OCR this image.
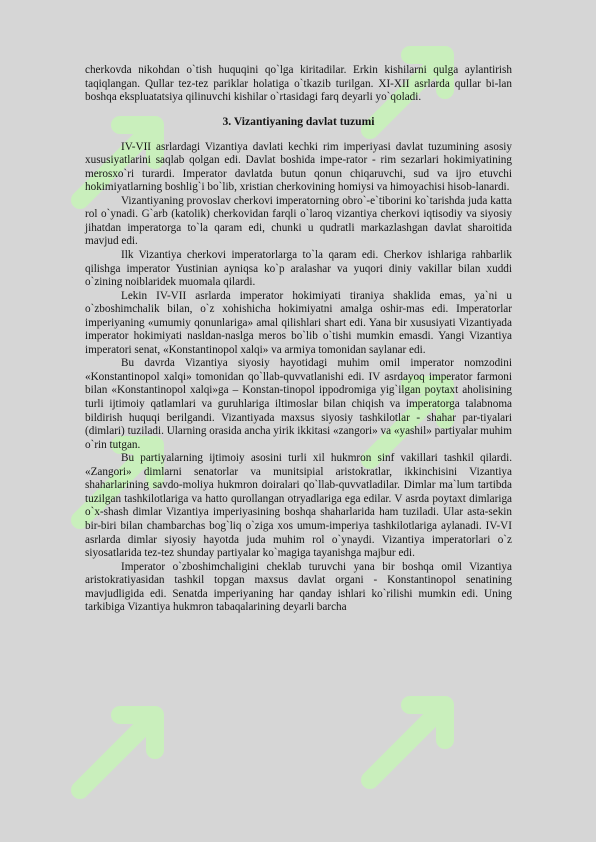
cherkovda nikohdan o`tish huquqini qo`lga kiritadilar. Erkin kishilarni qulga aylantirish taqiqlangan. Qullar tez-tez pariklar holatiga o`tkazib turilgan. XI-XII asrlarda qullar bi-lan boshqa ekspluatatsiya qilinuvchi kishilar o`rtasidagi farq deyarli yo`qoladi.

3. Vizantiyaning davlat tuzumi

IV-VII asrlardagi Vizantiya davlati kechki rim imperiyasi davlat tuzumining asosiy xususiyatlarini saqlab qolgan edi. Davlat boshida impe-rator - rim sezarlari hokimiyatining merosxo`ri turardi. Imperator davlatda butun qonun chiqaruvchi, sud va ijro etuvchi hokimiyatlarning boshlig`i bo`lib, xristian cherkovining homiysi va himoyachisi hisob-lanardi.

Vizantiyaning provoslav cherkovi imperatorning obro`-e`tiborini ko`tarishda juda katta rol o`ynadi. G`arb (katolik) cherkovidan farqli o`laroq vizantiya cherkovi iqtisodiy va siyosiy jihatdan imperatorga to`la qaram edi, chunki u qudratli markazlashgan davlat sharoitida mavjud edi.

Ilk Vizantiya cherkovi imperatorlarga to`la qaram edi. Cherkov ishlariga rahbarlik qilishga imperator Yustinian ayniqsa ko`p aralashar va yuqori diniy vakillar bilan xuddi o`zining noiblaridek muomala qilardi.

Lekin IV-VII asrlarda imperator hokimiyati tiraniya shaklida emas, ya`ni u o`zboshimchalik bilan, o`z xohishicha hokimiyatni amalga oshir-mas edi. Imperatorlar imperiyaning «umumiy qonunlariga» amal qilishlari shart edi. Yana bir xususiyati Vizantiyada imperator hokimiyati nasldan-naslga meros bo`lib o`tishi mumkin emasdi. Yangi Vizantiya imperatori senat, «Konstantinopol xalqi» va armiya tomonidan saylanar edi.

Bu davrda Vizantiya siyosiy hayotidagi muhim omil imperator nomzodini «Konstantinopol xalqi» tomonidan qo`llab-quvvatlanishi edi. IV asrdayoq imperator farmoni bilan «Konstantinopol xalqi»ga – Konstan-tinopol ippodromiga yig`ilgan poytaxt aholisining turli ijtimoiy qatlamlari va guruhlariga iltimoslar bilan chiqish va imperatorga talabnoma bildirish huquqi berilgandi. Vizantiyada maxsus siyosiy tashkilotlar - shahar par-tiyalari (dimlari) tuziladi. Ularning orasida ancha yirik ikkitasi «zangori» va «yashil» partiyalar muhim o`rin tutgan.

Bu partiyalarning ijtimoiy asosini turli xil hukmron sinf vakillari tashkil qilardi. «Zangori» dimlarni senatorlar va munitsipial aristokratlar, ikkinchisini Vizantiya shaharlarining savdo-moliya hukmron doiralari qo`llab-quvvatladilar. Dimlar ma`lum tartibda tuzilgan tashkilotlariga va hatto qurollangan otryadlariga ega edilar. V asrda poytaxt dimlariga o`x-shash dimlar Vizantiya imperiyasining boshqa shaharlarida ham tuziladi. Ular asta-sekin bir-biri bilan chambarchas bog`liq o`ziga xos umum-imperiya tashkilotlariga aylanadi. IV-VI asrlarda dimlar siyosiy hayotda juda muhim rol o`ynaydi. Vizantiya imperatorlari o`z siyosatlarida tez-tez shunday partiyalar ko`magiga tayanishga majbur edi.

Imperator o`zboshimchaligini cheklab turuvchi yana bir boshqa omil Vizantiya aristokratiyasidan tashkil topgan maxsus davlat organi - Konstantinopol senatining mavjudligida edi. Senatda imperiyaning har qanday ishlari ko`rilishi mumkin edi. Uning tarkibiga Vizantiya hukmron tabaqalarining deyarli barcha
